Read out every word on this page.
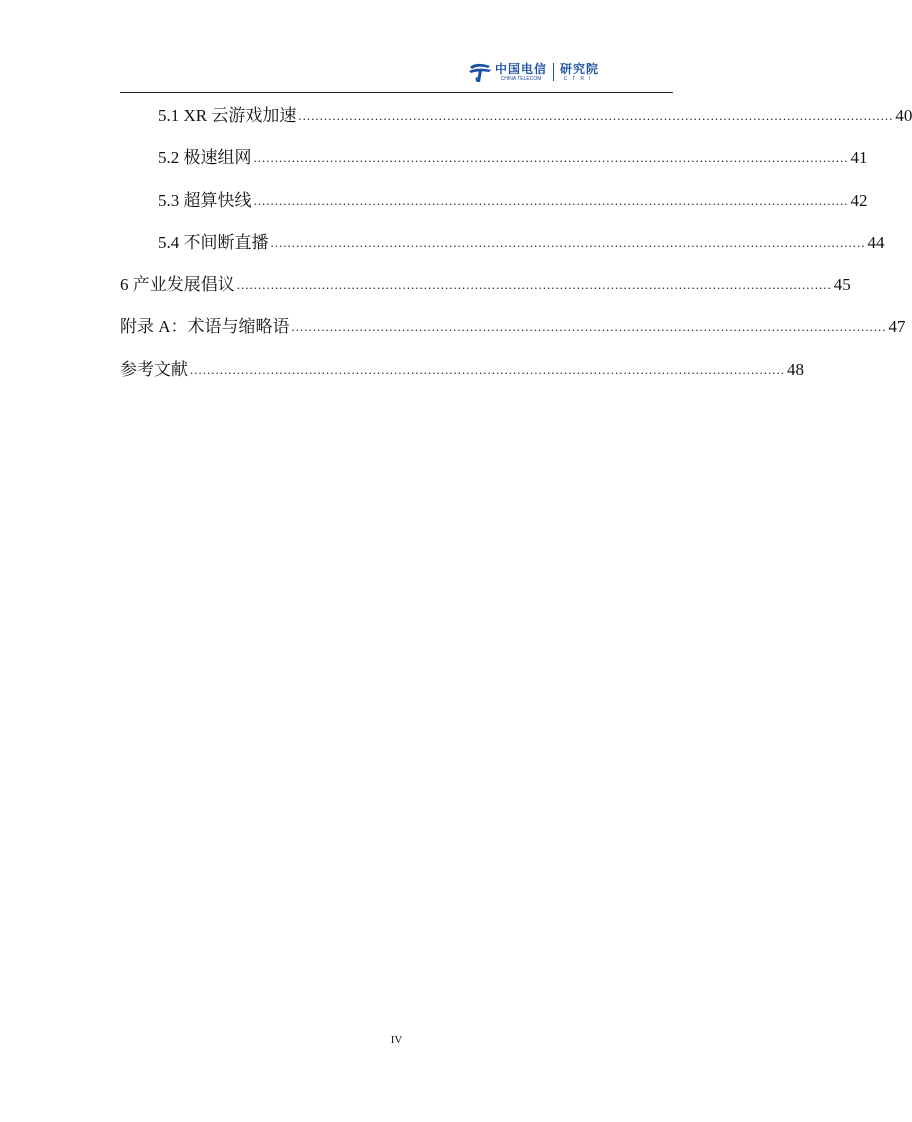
中国电信
CHINA TELECOM
研究院
CTRI
5.1 XR 云游戏加速 ............................................................................................................................................ 40
5.2 极速组网 ............................................................................................................................................ 41
5.3 超算快线 ............................................................................................................................................ 42
5.4 不间断直播 ............................................................................................................................................ 44
6 产业发展倡议 ............................................................................................................................................ 45
附录 A：术语与缩略语 ............................................................................................................................................ 47
参考文献 ............................................................................................................................................ 48
IV
